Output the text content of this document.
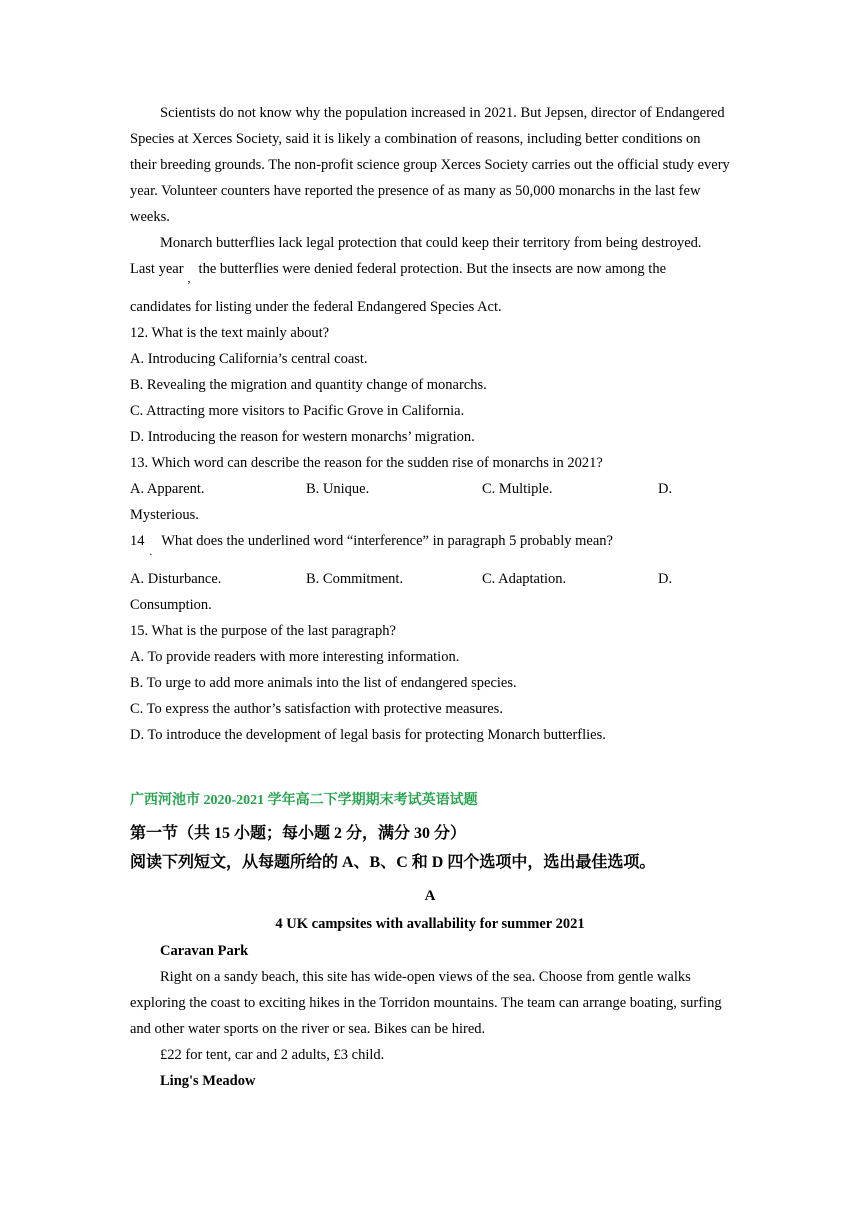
Scientists do not know why the population increased in 2021. But Jepsen, director of Endangered Species at Xerces Society, said it is likely a combination of reasons, including better conditions on their breeding grounds. The non-profit science group Xerces Society carries out the official study every year. Volunteer counters have reported the presence of as many as 50,000 monarchs in the last few weeks.

Monarch butterflies lack legal protection that could keep their territory from being destroyed.
Last year$_,$the butterflies were denied federal protection. But the insects are now among the
candidates for listing under the federal Endangered Species Act.
12. What is the text mainly about?
A. Introducing California’s central coast.
B. Revealing the migration and quantity change of monarchs.
C. Attracting more visitors to Pacific Grove in California.
D. Introducing the reason for western monarchs’ migration.
13. Which word can describe the reason for the sudden rise of monarchs in 2021?
A. Apparent.	B. Unique.	C. Multiple.	D.
Mysterious.
$14_.What$ does the underlined word “interference” in paragraph 5 probably mean?
A. Disturbance.	B. Commitment.	C. Adaptation.	D.
Consumption.
15. What is the purpose of the last paragraph?
A. To provide readers with more interesting information.
B. To urge to add more animals into the list of endangered species.
C. To express the author’s satisfaction with protective measures.
D. To introduce the development of legal basis for protecting Monarch butterflies.
广西河池市 2020-2021 学年高二下学期期末考试英语试题
第一节（共 15 小题；每小题 2 分，满分 30 分）
阅读下列短文，从每题所给的 A、B、C 和 D 四个选项中，选出最佳选项。
A
4 UK campsites with avallability for summer 2021
Caravan Park

Right on a sandy beach, this site has wide-open views of the sea. Choose from gentle walks exploring the coast to exciting hikes in the Torridon mountains. The team can arrange boating, surfing and other water sports on the river or sea. Bikes can be hired.

£22 for tent, car and 2 adults, £3 child.
Ling's Meadow
